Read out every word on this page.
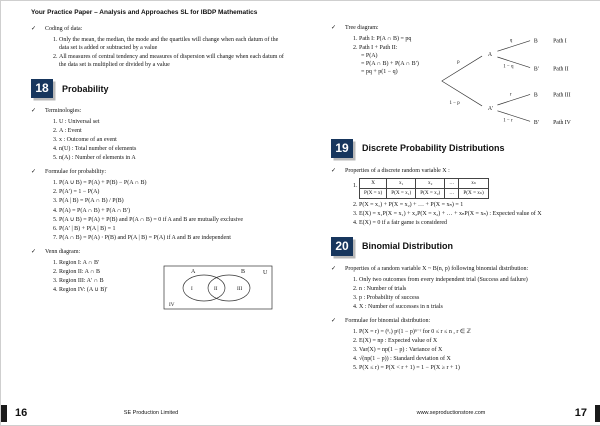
Your Practice Paper – Analysis and Approaches SL for IBDP Mathematics
✓	Coding of data:
1. Only the mean, the median, the mode and the quartiles will change when each datum of the data set is added or subtracted by a value
2. All measures of central tendency and measures of dispersion will change when each datum of the data set is multiplied or divided by a value
18	Probability
✓	Terminologies:
1. U : Universal set
2. A : Event
3. x : Outcome of an event
4. n(U) : Total number of elements
5. n(A) : Number of elements in A
✓	Formulae for probability:
1. P(A ∪ B) = P(A) + P(B) − P(A ∩ B)
2. P(A′) = 1 − P(A)
3. P(A | B) = P(A ∩ B) / P(B)
4. P(A) = P(A ∩ B) + P(A ∩ B′)
5. P(A ∪ B) = P(A) + P(B) and P(A ∩ B) = 0 if A and B are mutually exclusive
6. P(A′ | B) + P(A | B) = 1
7. P(A ∩ B) = P(A) ⋅ P(B) and P(A | B) = P(A) if A and B are independent
✓	Venn diagram:
1. Region I: A ∩ B′
2. Region II: A ∩ B
3. Region III: A′ ∩ B
4. Region IV: (A ∪ B)′
U
A	B
I	II	III
IV
✓	Tree diagram:
1. Path I: P(A ∩ B) = pq
2. Path I + Path II:
= P(A)
= P(A ∩ B) + P(A ∩ B′)
= pq + p(1 − q)
A
A′
B
B′
B
B′
p
1 − p
q
1 − q
r
1 − r
Path I
Path II
Path III
Path IV
19	Discrete Probability Distributions
✓	Properties of a discrete random variable X :
1. X	x₁	x₂	…	xₙ
P(X = x)	P(X = x₁)	P(X = x₂)	…	P(X = xₙ)
2. P(X = x₁) + P(X = x₂) + … + P(X = xₙ) = 1
3. E(X) = x₁P(X = x₁) + x₂P(X = x₂) + … + xₙP(X = xₙ) : Expected value of X
4. E(X) = 0 if a fair game is considered
20	Binomial Distribution
✓	Properties of a random variable X ~ B(n, p) following binomial distribution:
1. Only two outcomes from every independent trial (Success and failure)
2. n : Number of trials
3. p : Probability of success
4. X : Number of successes in n trials
✓	Formulae for binomial distribution:
1. P(X = r) = (ⁿᵣ) pʳ(1 − p)ⁿ⁻ʳ for 0 ≤ r ≤ n , r ∈ ℤ
2. E(X) = np : Expected value of X
3. Var(X) = np(1 − p) : Variance of X
4. √(np(1 − p)) : Standard deviation of X
5. P(X ≤ r) = P(X < r + 1) = 1 − P(X ≥ r + 1)
SE Production Limited	www.seproductionstore.com
16	17
